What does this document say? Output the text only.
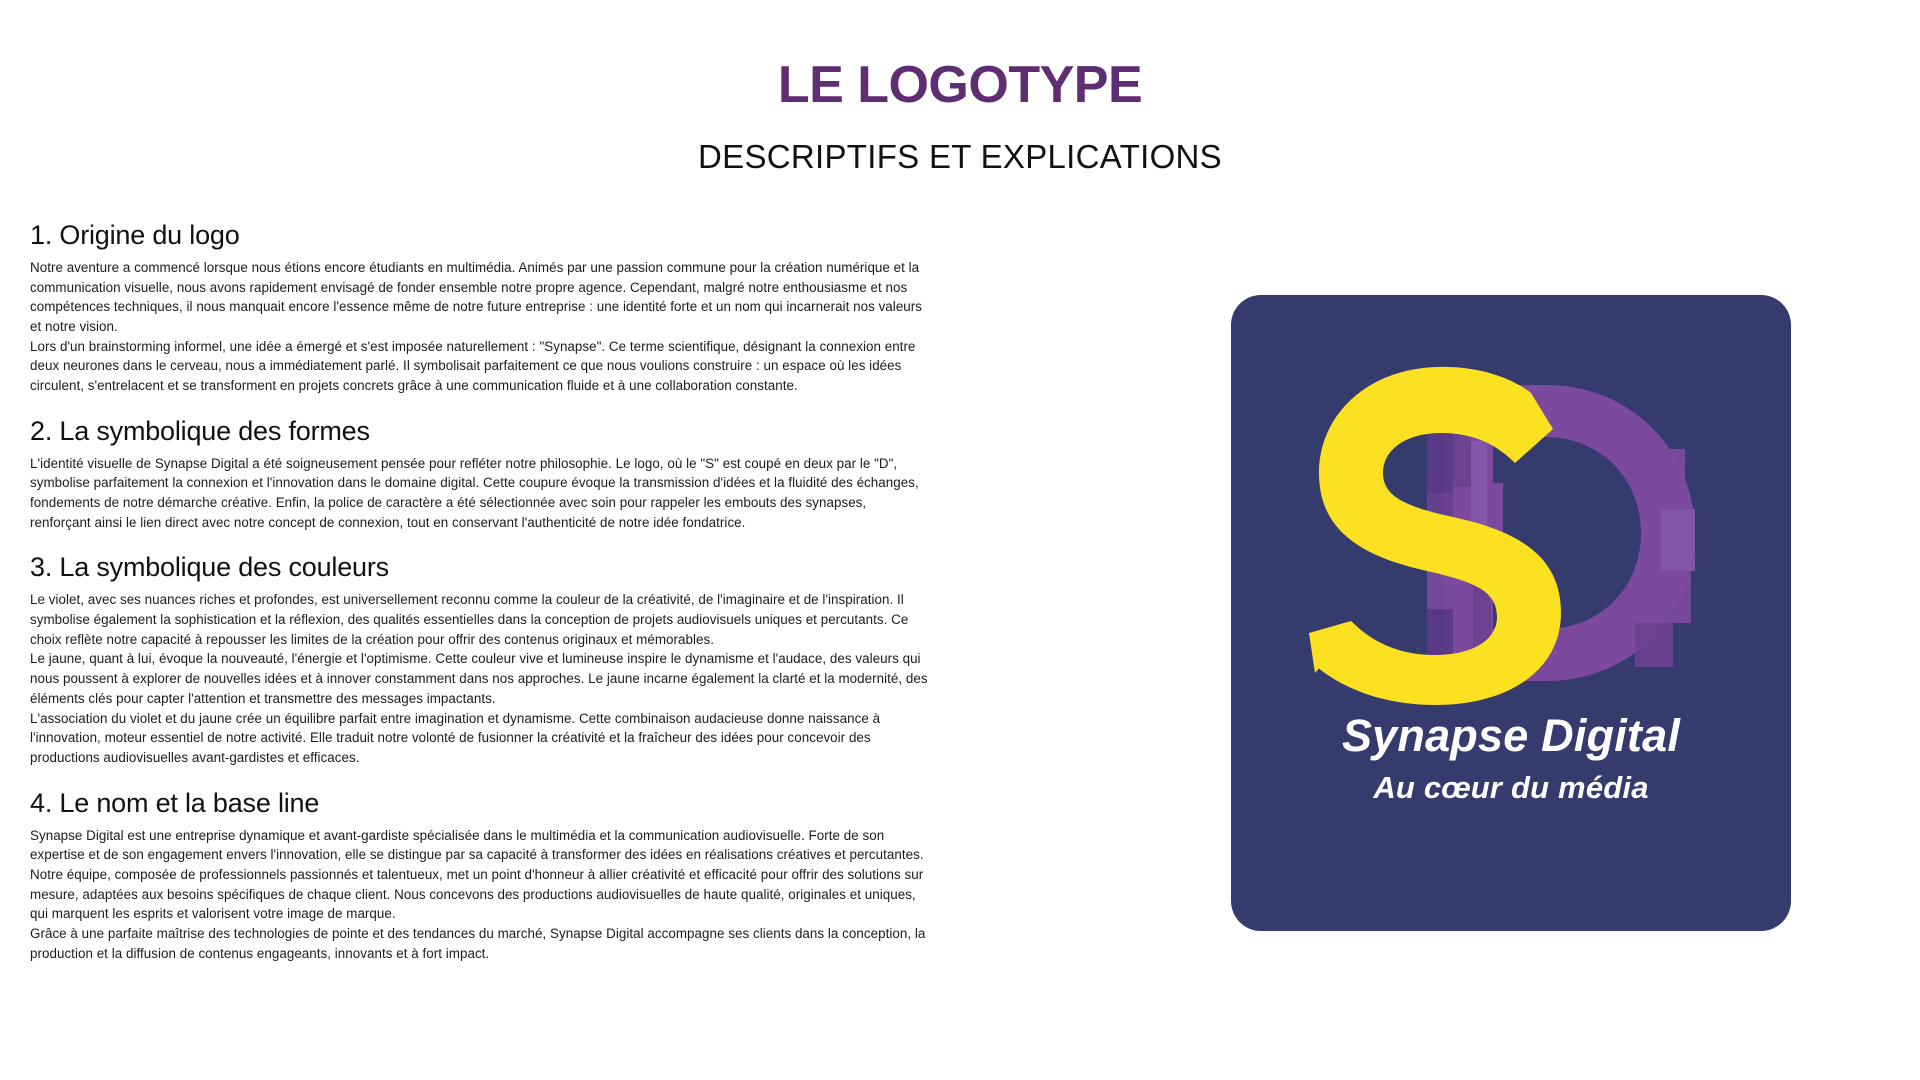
LE LOGOTYPE
DESCRIPTIFS ET EXPLICATIONS
1. Origine du logo

Notre aventure a commencé lorsque nous étions encore étudiants en multimédia. Animés par une passion commune pour la création numérique et la communication visuelle, nous avons rapidement envisagé de fonder ensemble notre propre agence. Cependant, malgré notre enthousiasme et nos compétences techniques, il nous manquait encore l'essence même de notre future entreprise : une identité forte et un nom qui incarnerait nos valeurs et notre vision.

Lors d'un brainstorming informel, une idée a émergé et s'est imposée naturellement : "Synapse". Ce terme scientifique, désignant la connexion entre deux neurones dans le cerveau, nous a immédiatement parlé. Il symbolisait parfaitement ce que nous voulions construire : un espace où les idées circulent, s'entrelacent et se transforment en projets concrets grâce à une communication fluide et à une collaboration constante.

2. La symbolique des formes

L'identité visuelle de Synapse Digital a été soigneusement pensée pour refléter notre philosophie. Le logo, où le "S" est coupé en deux par le "D", symbolise parfaitement la connexion et l'innovation dans le domaine digital. Cette coupure évoque la transmission d'idées et la fluidité des échanges, fondements de notre démarche créative. Enfin, la police de caractère a été sélectionnée avec soin pour rappeler les embouts des synapses, renforçant ainsi le lien direct avec notre concept de connexion, tout en conservant l'authenticité de notre idée fondatrice.

3. La symbolique des couleurs

Le violet, avec ses nuances riches et profondes, est universellement reconnu comme la couleur de la créativité, de l'imaginaire et de l'inspiration. Il symbolise également la sophistication et la réflexion, des qualités essentielles dans la conception de projets audiovisuels uniques et percutants. Ce choix reflète notre capacité à repousser les limites de la création pour offrir des contenus originaux et mémorables.

Le jaune, quant à lui, évoque la nouveauté, l'énergie et l'optimisme. Cette couleur vive et lumineuse inspire le dynamisme et l'audace, des valeurs qui nous poussent à explorer de nouvelles idées et à innover constamment dans nos approches. Le jaune incarne également la clarté et la modernité, des éléments clés pour capter l'attention et transmettre des messages impactants.

L'association du violet et du jaune crée un équilibre parfait entre imagination et dynamisme. Cette combinaison audacieuse donne naissance à l'innovation, moteur essentiel de notre activité. Elle traduit notre volonté de fusionner la créativité et la fraîcheur des idées pour concevoir des productions audiovisuelles avant-gardistes et efficaces.

4. Le nom et la base line

Synapse Digital est une entreprise dynamique et avant-gardiste spécialisée dans le multimédia et la communication audiovisuelle. Forte de son expertise et de son engagement envers l'innovation, elle se distingue par sa capacité à transformer des idées en réalisations créatives et percutantes.

Notre équipe, composée de professionnels passionnés et talentueux, met un point d'honneur à allier créativité et efficacité pour offrir des solutions sur mesure, adaptées aux besoins spécifiques de chaque client. Nous concevons des productions audiovisuelles de haute qualité, originales et uniques, qui marquent les esprits et valorisent votre image de marque.

Grâce à une parfaite maîtrise des technologies de pointe et des tendances du marché, Synapse Digital accompagne ses clients dans la conception, la production et la diffusion de contenus engageants, innovants et à fort impact.

Synapse Digital
Au cœur du média
